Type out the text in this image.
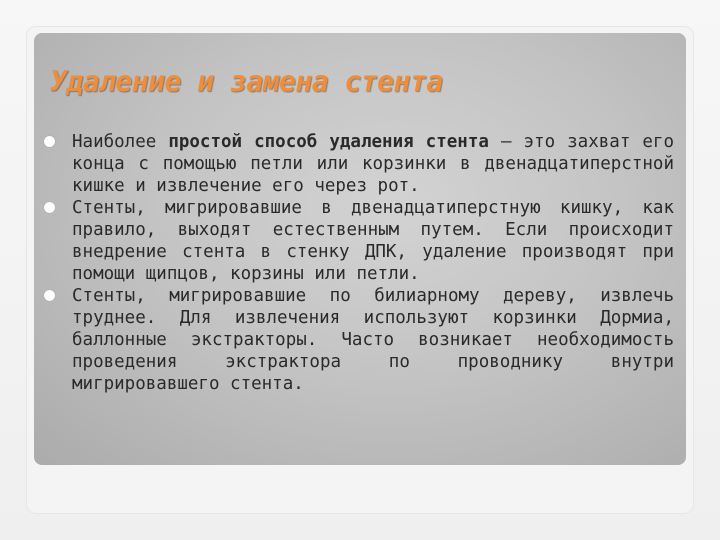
Удаление и замена стента
Наиболее простой способ удаления стента – это захват его конца с помощью петли или корзинки в двенадцатиперстной кишке и извлечение его через рот.
Стенты, мигрировавшие в двенадцатиперстную кишку, как правило, выходят естественным путем. Если происходит внедрение стента в стенку ДПК, удаление производят при помощи щипцов, корзины или петли.
Стенты, мигрировавшие по билиарному дереву, извлечь труднее. Для извлечения используют корзинки Дормиа, баллонные экстракторы. Часто возникает необходимость проведения экстрактора по проводнику внутри мигрировавшего стента.
